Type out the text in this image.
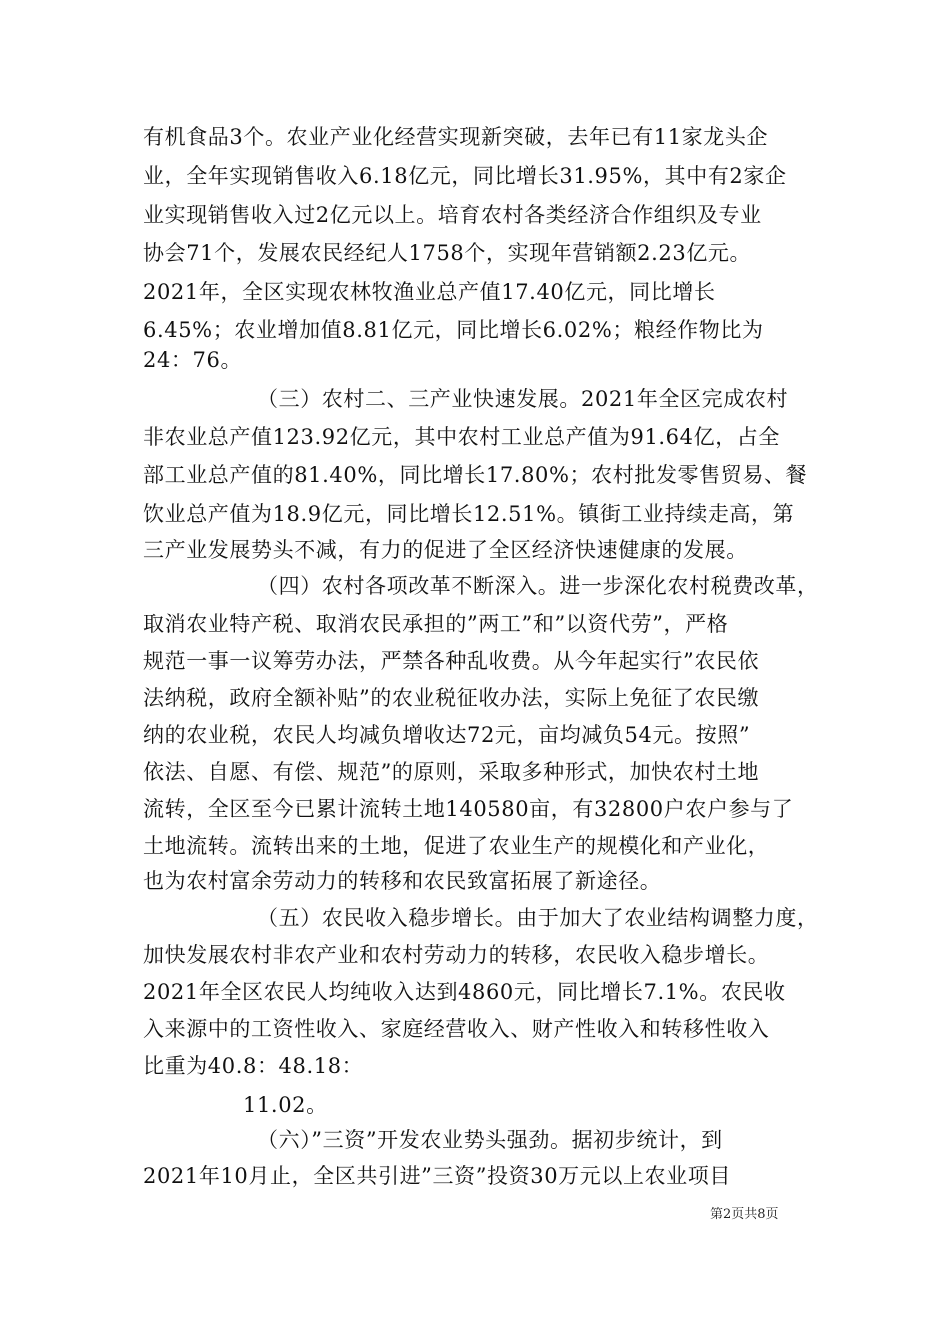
有机食品3个。农业产业化经营实现新突破，去年已有11家龙头企
业，全年实现销售收入6.18亿元，同比增长31.95%，其中有2家企
业实现销售收入过2亿元以上。培育农村各类经济合作组织及专业
协会71个，发展农民经纪人1758个，实现年营销额2.23亿元。
2021年，全区实现农林牧渔业总产值17.40亿元，同比增长
6.45%；农业增加值8.81亿元，同比增长6.02%；粮经作物比为
24：76。
（三）农村二、三产业快速发展。2021年全区完成农村
非农业总产值123.92亿元，其中农村工业总产值为91.64亿，占全
部工业总产值的81.40%，同比增长17.80%；农村批发零售贸易、餐
饮业总产值为18.9亿元，同比增长12.51%。镇街工业持续走高，第
三产业发展势头不减，有力的促进了全区经济快速健康的发展。
（四）农村各项改革不断深入。进一步深化农村税费改革，
取消农业特产税、取消农民承担的”两工”和”以资代劳”，严格
规范一事一议筹劳办法，严禁各种乱收费。从今年起实行”农民依
法纳税，政府全额补贴”的农业税征收办法，实际上免征了农民缴
纳的农业税，农民人均减负增收达72元，亩均减负54元。按照”
依法、自愿、有偿、规范”的原则，采取多种形式，加快农村土地
流转，全区至今已累计流转土地140580亩，有32800户农户参与了
土地流转。流转出来的土地，促进了农业生产的规模化和产业化，
也为农村富余劳动力的转移和农民致富拓展了新途径。
（五）农民收入稳步增长。由于加大了农业结构调整力度，
加快发展农村非农产业和农村劳动力的转移，农民收入稳步增长。
2021年全区农民人均纯收入达到4860元，同比增长7.1%。农民收
入来源中的工资性收入、家庭经营收入、财产性收入和转移性收入
比重为40.8：48.18：
11.02。
（六）”三资”开发农业势头强劲。据初步统计，到
2021年10月止，全区共引进”三资”投资30万元以上农业项目
第2页共8页
